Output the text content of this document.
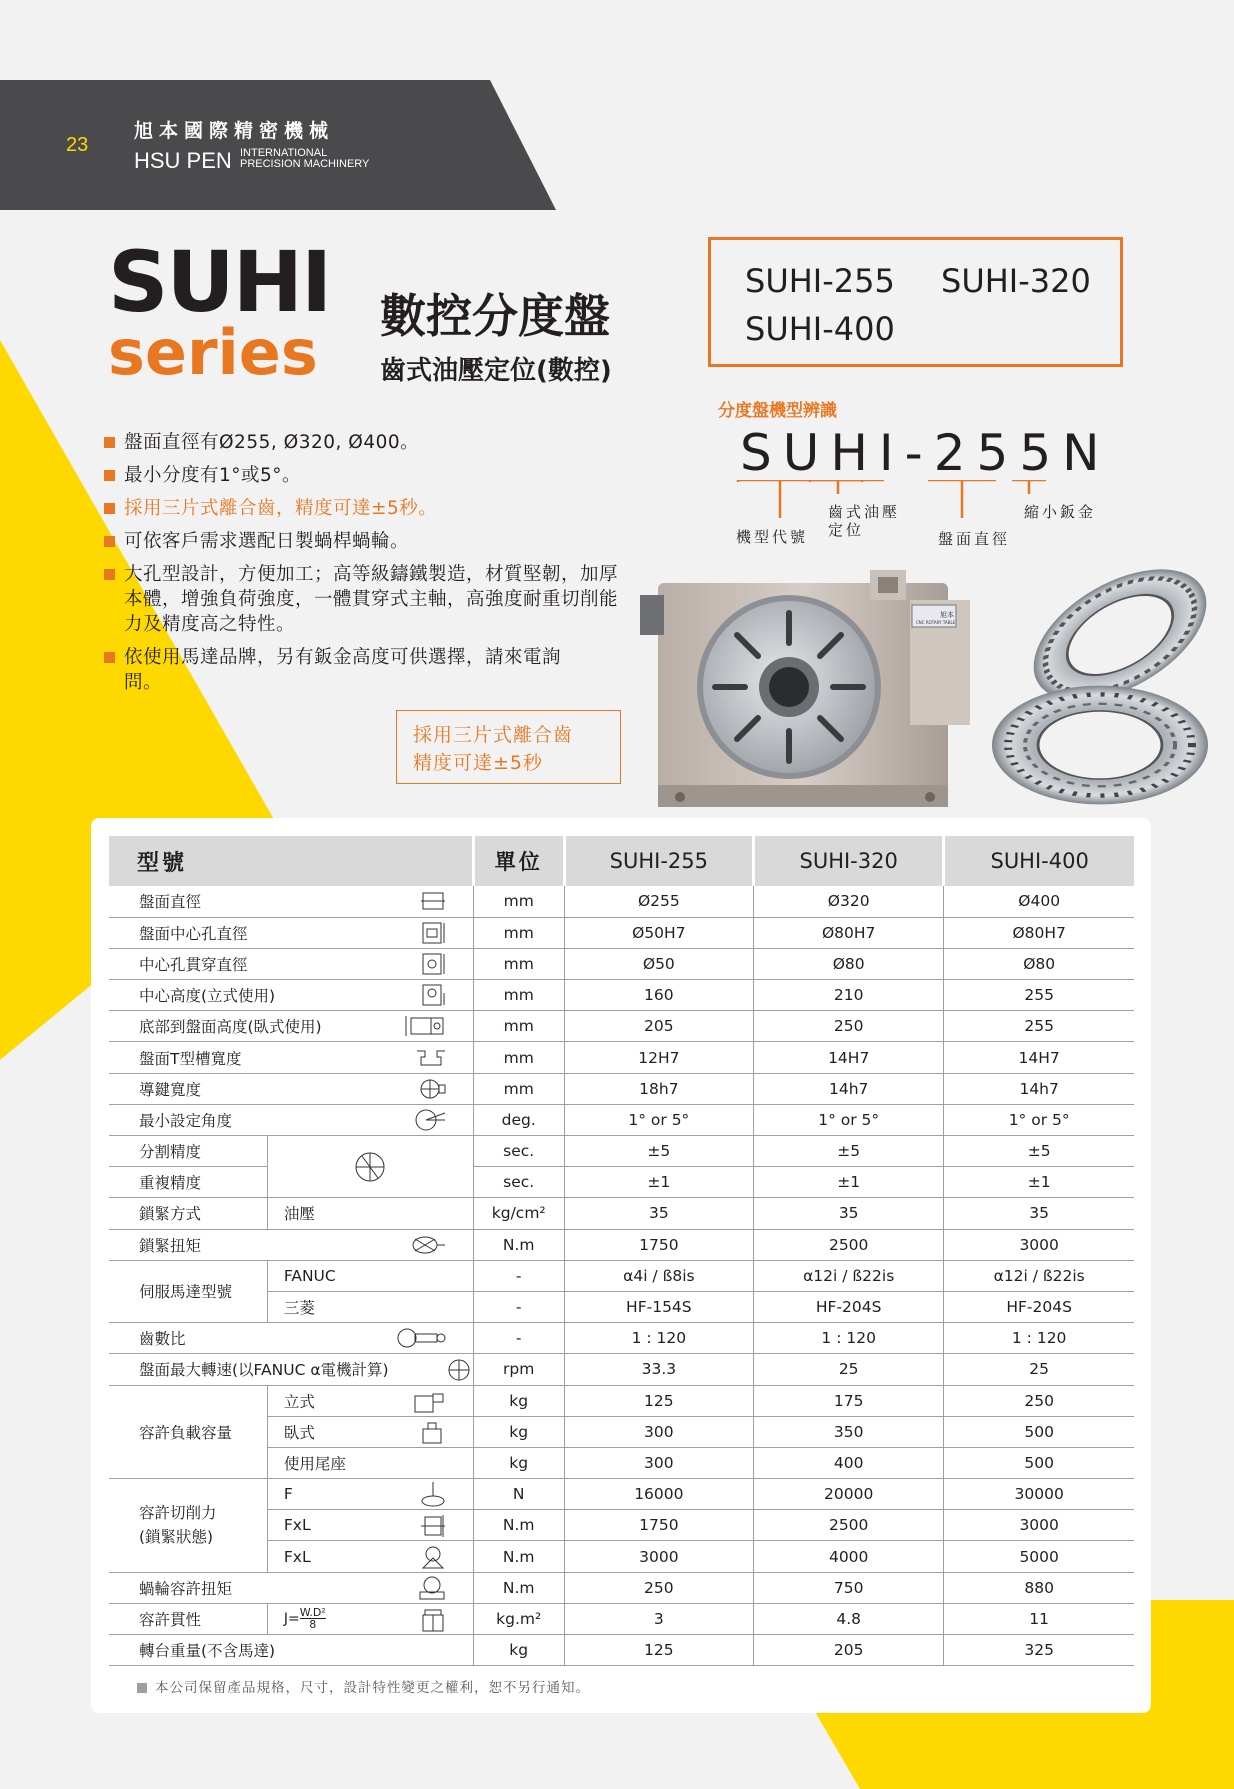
23
旭本國際精密機械
HSU PEN INTERNATIONAL
PRECISION MACHINERY
SUHI
series 數控分度盤
齒式油壓定位(數控)
SUHI-255 SUHI-320
SUHI-400
分度盤機型辨識
SUHI-255N
機型代號
齒式油壓
定位	盤面直徑
縮小鈑金
盤面直徑有Ø255, Ø320, Ø400。
最小分度有1°或5°。
採用三片式離合齒，精度可達±5秒。
可依客戶需求選配日製蝸桿蝸輪。
大孔型設計，方便加工；高等級鑄鐵製造，材質堅韌，加厚本體，增強負荷強度，一體貫穿式主軸，高強度耐重切削能力及精度高之特性。
依使用馬達品牌，另有鈑金高度可供選擇，請來電詢問。
採用三片式離合齒
精度可達±5秒
旭本
CNC ROTARY TABLE
型號			單位	SUHI-255	SUHI-320	SUHI-400
盤面直徑			mm	Ø255	Ø320	Ø400
盤面中心孔直徑			mm	Ø50H7	Ø80H7	Ø80H7
中心孔貫穿直徑			mm	Ø50	Ø80	Ø80
中心高度(立式使用)			mm	160	210	255
底部到盤面高度(臥式使用)			mm	205	250	255
盤面T型槽寬度			mm	12H7	14H7	14H7
導鍵寬度			mm	18h7	14h7	14h7
最小設定角度			deg.	1° or 5°	1° or 5°	1° or 5°
分割精度			sec.	±5	±5	±5
重複精度			sec.	±1	±1	±1
鎖緊方式	油壓		kg/cm²	35	35	35
鎖緊扭矩			N.m	1750	2500	3000
伺服馬達型號	FANUC		-	α4i / ß8is	α12i / ß22is	α12i / ß22is
	三菱		-	HF-154S	HF-204S	HF-204S
齒數比			-	1 : 120	1 : 120	1 : 120
盤面最大轉速(以FANUC α電機計算)			rpm	33.3	25	25
容許負載容量	立式		kg	125	175	250
	臥式		kg	300	350	500
	使用尾座		kg	300	400	500

容許切削力
(鎖緊狀態)	F		N	16000	20000	30000
	FxL		N.m	1750	2500	3000
	FxL		N.m	3000	4000	5000
蝸輪容許扭矩			N.m	250	750	880
容許貫性	$J= \frac{\text{W.D²}}{8}$		kg.m²	3	4.8	11
轉台重量(不含馬達)			kg	125	205	325
本公司保留產品規格，尺寸，設計特性變更之權利，恕不另行通知。
